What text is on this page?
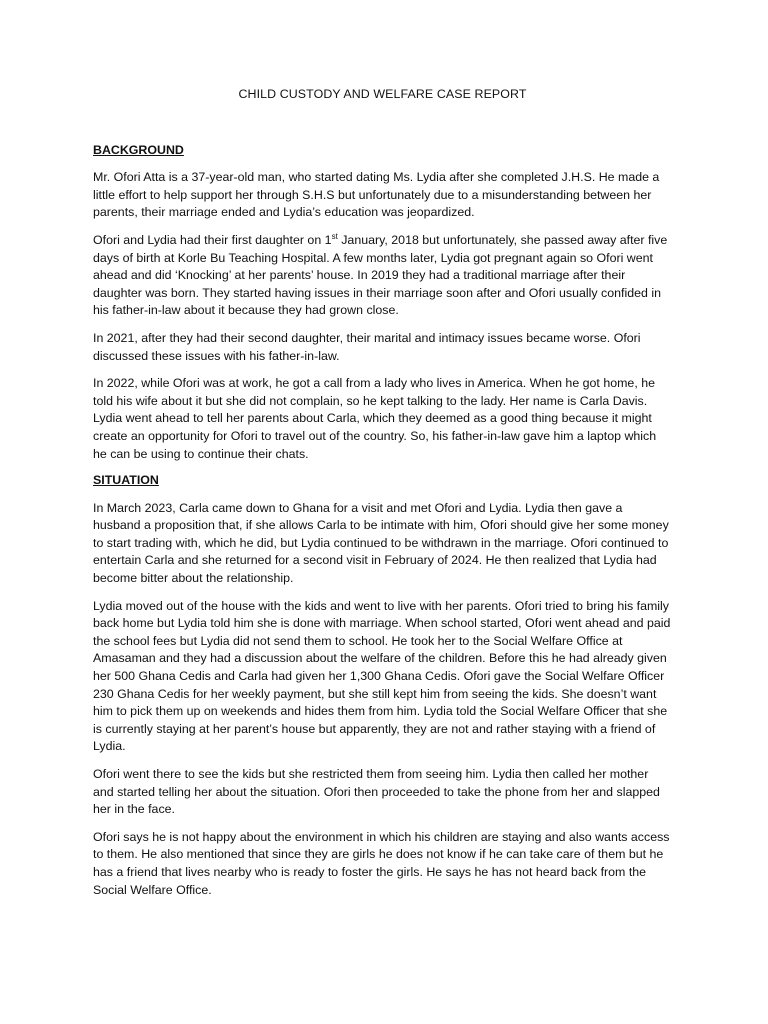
CHILD CUSTODY AND WELFARE CASE REPORT
BACKGROUND

Mr. Ofori Atta is a 37-year-old man, who started dating Ms. Lydia after she completed J.H.S. He made a little effort to help support her through S.H.S but unfortunately due to a misunderstanding between her parents, their marriage ended and Lydia’s education was jeopardized.

Ofori and Lydia had their first daughter on 1st January, 2018 but unfortunately, she passed away after five days of birth at Korle Bu Teaching Hospital. A few months later, Lydia got pregnant again so Ofori went ahead and did ‘Knocking’ at her parents’ house. In 2019 they had a traditional marriage after their daughter was born. They started having issues in their marriage soon after and Ofori usually confided in his father-in-law about it because they had grown close.

In 2021, after they had their second daughter, their marital and intimacy issues became worse. Ofori discussed these issues with his father-in-law.

In 2022, while Ofori was at work, he got a call from a lady who lives in America. When he got home, he told his wife about it but she did not complain, so he kept talking to the lady. Her name is Carla Davis. Lydia went ahead to tell her parents about Carla, which they deemed as a good thing because it might create an opportunity for Ofori to travel out of the country. So, his father-in-law gave him a laptop which he can be using to continue their chats.

SITUATION

In March 2023, Carla came down to Ghana for a visit and met Ofori and Lydia. Lydia then gave a husband a proposition that, if she allows Carla to be intimate with him, Ofori should give her some money to start trading with, which he did, but Lydia continued to be withdrawn in the marriage. Ofori continued to entertain Carla and she returned for a second visit in February of 2024. He then realized that Lydia had become bitter about the relationship.

Lydia moved out of the house with the kids and went to live with her parents. Ofori tried to bring his family back home but Lydia told him she is done with marriage. When school started, Ofori went ahead and paid the school fees but Lydia did not send them to school. He took her to the Social Welfare Office at Amasaman and they had a discussion about the welfare of the children. Before this he had already given her 500 Ghana Cedis and Carla had given her 1,300 Ghana Cedis. Ofori gave the Social Welfare Officer 230 Ghana Cedis for her weekly payment, but she still kept him from seeing the kids. She doesn’t want him to pick them up on weekends and hides them from him. Lydia told the Social Welfare Officer that she is currently staying at her parent’s house but apparently, they are not and rather staying with a friend of Lydia.

Ofori went there to see the kids but she restricted them from seeing him. Lydia then called her mother and started telling her about the situation. Ofori then proceeded to take the phone from her and slapped her in the face.

Ofori says he is not happy about the environment in which his children are staying and also wants access to them. He also mentioned that since they are girls he does not know if he can take care of them but he has a friend that lives nearby who is ready to foster the girls. He says he has not heard back from the Social Welfare Office.
